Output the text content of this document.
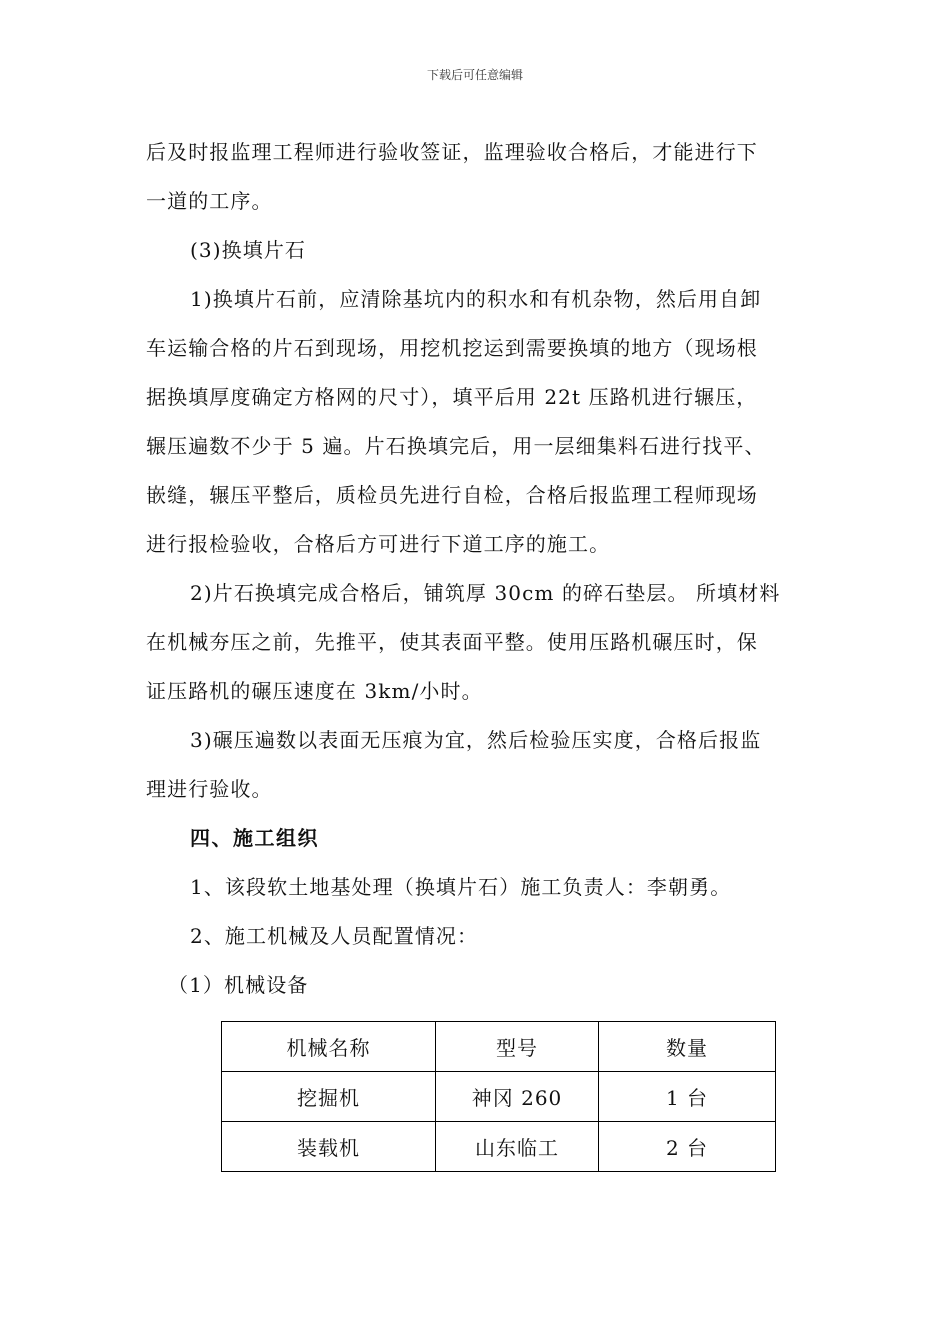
下载后可任意编辑
后及时报监理工程师进行验收签证，监理验收合格后，才能进行下
一道的工序。
(3)换填片石
1)换填片石前，应清除基坑内的积水和有机杂物，然后用自卸
车运输合格的片石到现场，用挖机挖运到需要换填的地方（现场根
据换填厚度确定方格网的尺寸），填平后用 22t 压路机进行辗压，
辗压遍数不少于 5 遍。片石换填完后，用一层细集料石进行找平、
嵌缝，辗压平整后，质检员先进行自检，合格后报监理工程师现场
进行报检验收，合格后方可进行下道工序的施工。
2)片石换填完成合格后，铺筑厚 30cm 的碎石垫层。 所填材料
在机械夯压之前，先推平，使其表面平整。使用压路机碾压时，保
证压路机的碾压速度在 3km/小时。
3)碾压遍数以表面无压痕为宜，然后检验压实度，合格后报监
理进行验收。
四、施工组织
1、该段软土地基处理（换填片石）施工负责人：李朝勇。
2、施工机械及人员配置情况：
（1）机械设备
机械名称	型号	数量
挖掘机	神冈 260	1 台
装载机	山东临工	2 台
